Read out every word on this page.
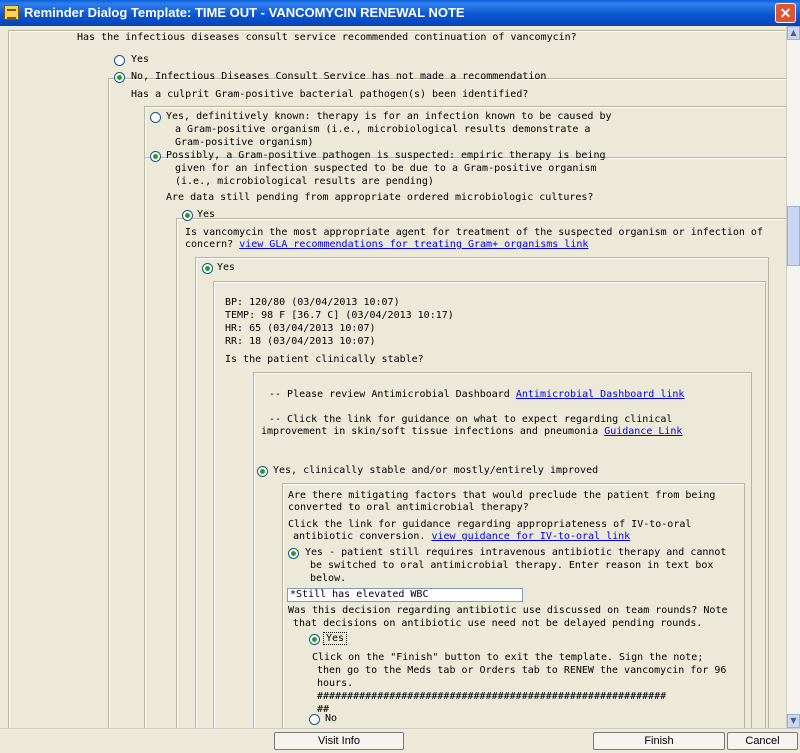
Reminder Dialog Template: TIME OUT - VANCOMYCIN RENEWAL NOTE	✕
Has the infectious diseases consult service recommended continuation of vancomycin?
Yes
No, Infectious Diseases Consult Service has not made a recommendation
Has a culprit Gram-positive bacterial pathogen(s) been identified?
Yes, definitively known: therapy is for an infection known to be caused by
a Gram-positive organism (i.e., microbiological results demonstrate a
Gram-positive organism)
Possibly, a Gram-positive pathogen is suspected: empiric therapy is being
given for an infection suspected to be due to a Gram-positive organism
(i.e., microbiological results are pending)
Are data still pending from appropriate ordered microbiologic cultures?
Yes
Is vancomycin the most appropriate agent for treatment of the suspected organism or infection of
concern? view GLA recommendations for treating Gram+ organisms link
Yes
BP: 120/80 (03/04/2013 10:07)
TEMP: 98 F [36.7 C] (03/04/2013 10:17)
HR: 65 (03/04/2013 10:07)
RR: 18 (03/04/2013 10:07)
Is the patient clinically stable?
-- Please review Antimicrobial Dashboard Antimicrobial Dashboard link
-- Click the link for guidance on what to expect regarding clinical
improvement in skin/soft tissue infections and pneumonia Guidance Link
Yes, clinically stable and/or mostly/entirely improved
Are there mitigating factors that would preclude the patient from being
converted to oral antimicrobial therapy?
Click the link for guidance regarding appropriateness of IV-to-oral
antibiotic conversion. view guidance for IV-to-oral link
Yes - patient still requires intravenous antibiotic therapy and cannot
be switched to oral antimicrobial therapy. Enter reason in text box
below.
*Still has elevated WBC
Was this decision regarding antibiotic use discussed on team rounds? Note
that decisions on antibiotic use need not be delayed pending rounds.
Yes
Click on the "Finish" button to exit the template. Sign the note;
then go to the Meds tab or Orders tab to RENEW the vancomycin for 96
hours.
##########################################################
##
No
▲
▼
Visit Info	Finish	Cancel
